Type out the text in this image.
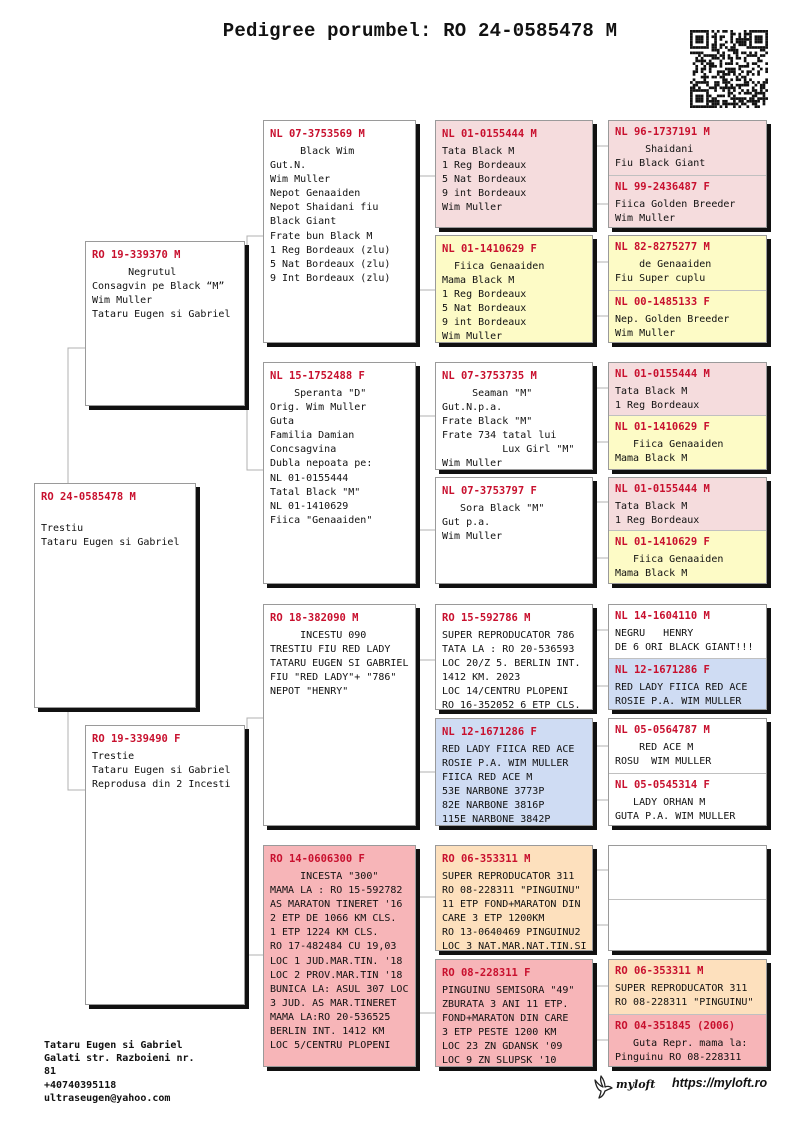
Pedigree porumbel: RO 24-0585478 M
RO 24-0585478 M

Trestiu
Tataru Eugen si Gabriel
RO 19-339370 M
Negrutul
Consagvin pe Black “M”
Wim Muller
Tataru Eugen si Gabriel
RO 19-339490 F
Trestie
Tataru Eugen si Gabriel
Reprodusa din 2 Incesti
NL 07-3753569 M
Black Wim
Gut.N.
Wim Muller
Nepot Genaaiden
Nepot Shaidani fiu
Black Giant
Frate bun Black M
1 Reg Bordeaux (zlu)
5 Nat Bordeaux (zlu)
9 Int Bordeaux (zlu)
NL 15-1752488 F
Speranta "D"
Orig. Wim Muller
Guta
Familia Damian
Concsagvina
Dubla nepoata pe:
NL 01-0155444
Tatal Black "M"
NL 01-1410629
Fiica "Genaaiden"
RO 18-382090 M
INCESTU 090
TRESTIU FIU RED LADY
TATARU EUGEN SI GABRIEL
FIU "RED LADY"+ "786"
NEPOT "HENRY"
RO 14-0606300 F
INCESTA "300"
MAMA LA : RO 15-592782
AS MARATON TINERET '16
2 ETP DE 1066 KM CLS.
1 ETP 1224 KM CLS.
RO 17-482484 CU 19,03
LOC 1 JUD.MAR.TIN. '18
LOC 2 PROV.MAR.TIN '18
BUNICA LA: ASUL 307 LOC
3 JUD. AS MAR.TINERET
MAMA LA:RO 20-536525
BERLIN INT. 1412 KM
LOC 5/CENTRU PLOPENI
NL 01-0155444 M
Tata Black M
1 Reg Bordeaux
5 Nat Bordeaux
9 int Bordeaux
Wim Muller
NL 01-1410629 F
Fiica Genaaiden
Mama Black M
1 Reg Bordeaux
5 Nat Bordeaux
9 int Bordeaux
Wim Muller
NL 07-3753735 M
Seaman "M"
Gut.N.p.a.
Frate Black "M"
Frate 734 tatal lui
Lux Girl "M"
Wim Muller
NL 07-3753797 F
Sora Black "M"
Gut p.a.
Wim Muller
RO 15-592786 M
SUPER REPRODUCATOR 786
TATA LA : RO 20-536593
LOC 20/Z 5. BERLIN INT.
1412 KM. 2023
LOC 14/CENTRU PLOPENI
RO 16-352052 6 ETP CLS.
NL 12-1671286 F
RED LADY FIICA RED ACE
ROSIE P.A. WIM MULLER
FIICA RED ACE M
53E NARBONE 3773P
82E NARBONE 3816P
115E NARBONE 3842P
RO 06-353311 M
SUPER REPRODUCATOR 311
RO 08-228311 "PINGUINU"
11 ETP FOND+MARATON DIN
CARE 3 ETP 1200KM
RO 13-0640469 PINGUINU2
LOC 3 NAT.MAR.NAT.TIN.SI
RO 08-228311 F
PINGUINU SEMISORA "49"
ZBURATA 3 ANI 11 ETP.
FOND+MARATON DIN CARE
3 ETP PESTE 1200 KM
LOC 23 ZN GDANSK '09
LOC 9 ZN SLUPSK '10
NL 96-1737191 M
Shaidani
Fiu Black Giant
NL 99-2436487 F
Fiica Golden Breeder
Wim Muller
NL 82-8275277 M
de Genaaiden
Fiu Super cuplu
NL 00-1485133 F
Nep. Golden Breeder
Wim Muller
NL 01-0155444 M
Tata Black M
1 Reg Bordeaux
NL 01-1410629 F
Fiica Genaaiden
Mama Black M
NL 01-0155444 M
Tata Black M
1 Reg Bordeaux
NL 01-1410629 F
Fiica Genaaiden
Mama Black M
NL 14-1604110 M
NEGRU   HENRY
DE 6 ORI BLACK GIANT!!!
NL 12-1671286 F
RED LADY FIICA RED ACE
ROSIE P.A. WIM MULLER
NL 05-0564787 M
RED ACE M
ROSU  WIM MULLER
NL 05-0545314 F
LADY ORHAN M
GUTA P.A. WIM MULLER
RO 06-353311 M
SUPER REPRODUCATOR 311
RO 08-228311 "PINGUINU"
RO 04-351845 (2006)
Guta Repr. mama la:
Pinguinu RO 08-228311
Tataru Eugen si Gabriel
Galati str. Razboieni nr.
81
+40740395118
ultraseugen@yahoo.com
myloft https://myloft.ro
